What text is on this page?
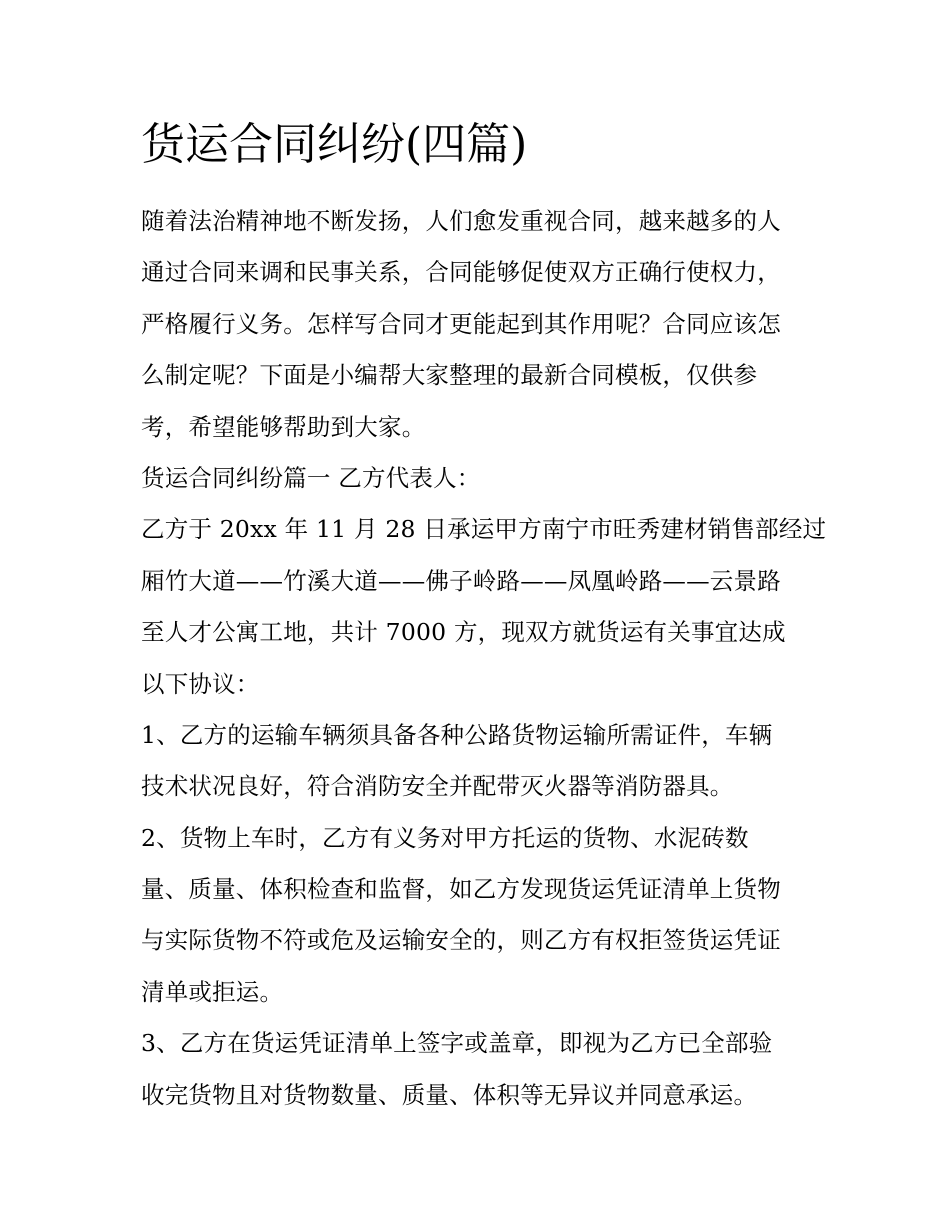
货运合同纠纷(四篇)
随着法治精神地不断发扬，人们愈发重视合同，越来越多的人
通过合同来调和民事关系，合同能够促使双方正确行使权力，
严格履行义务。怎样写合同才更能起到其作用呢？合同应该怎
么制定呢？下面是小编帮大家整理的最新合同模板，仅供参
考，希望能够帮助到大家。
货运合同纠纷篇一 乙方代表人：
乙方于 20xx 年 11 月 28 日承运甲方南宁市旺秀建材销售部经过
厢竹大道——竹溪大道——佛子岭路——凤凰岭路——云景路
至人才公寓工地，共计 7000 方，现双方就货运有关事宜达成
以下协议：
1、乙方的运输车辆须具备各种公路货物运输所需证件，车辆
技术状况良好，符合消防安全并配带灭火器等消防器具。
2、货物上车时，乙方有义务对甲方托运的货物、水泥砖数
量、质量、体积检查和监督，如乙方发现货运凭证清单上货物
与实际货物不符或危及运输安全的，则乙方有权拒签货运凭证
清单或拒运。
3、乙方在货运凭证清单上签字或盖章，即视为乙方已全部验
收完货物且对货物数量、质量、体积等无异议并同意承运。
